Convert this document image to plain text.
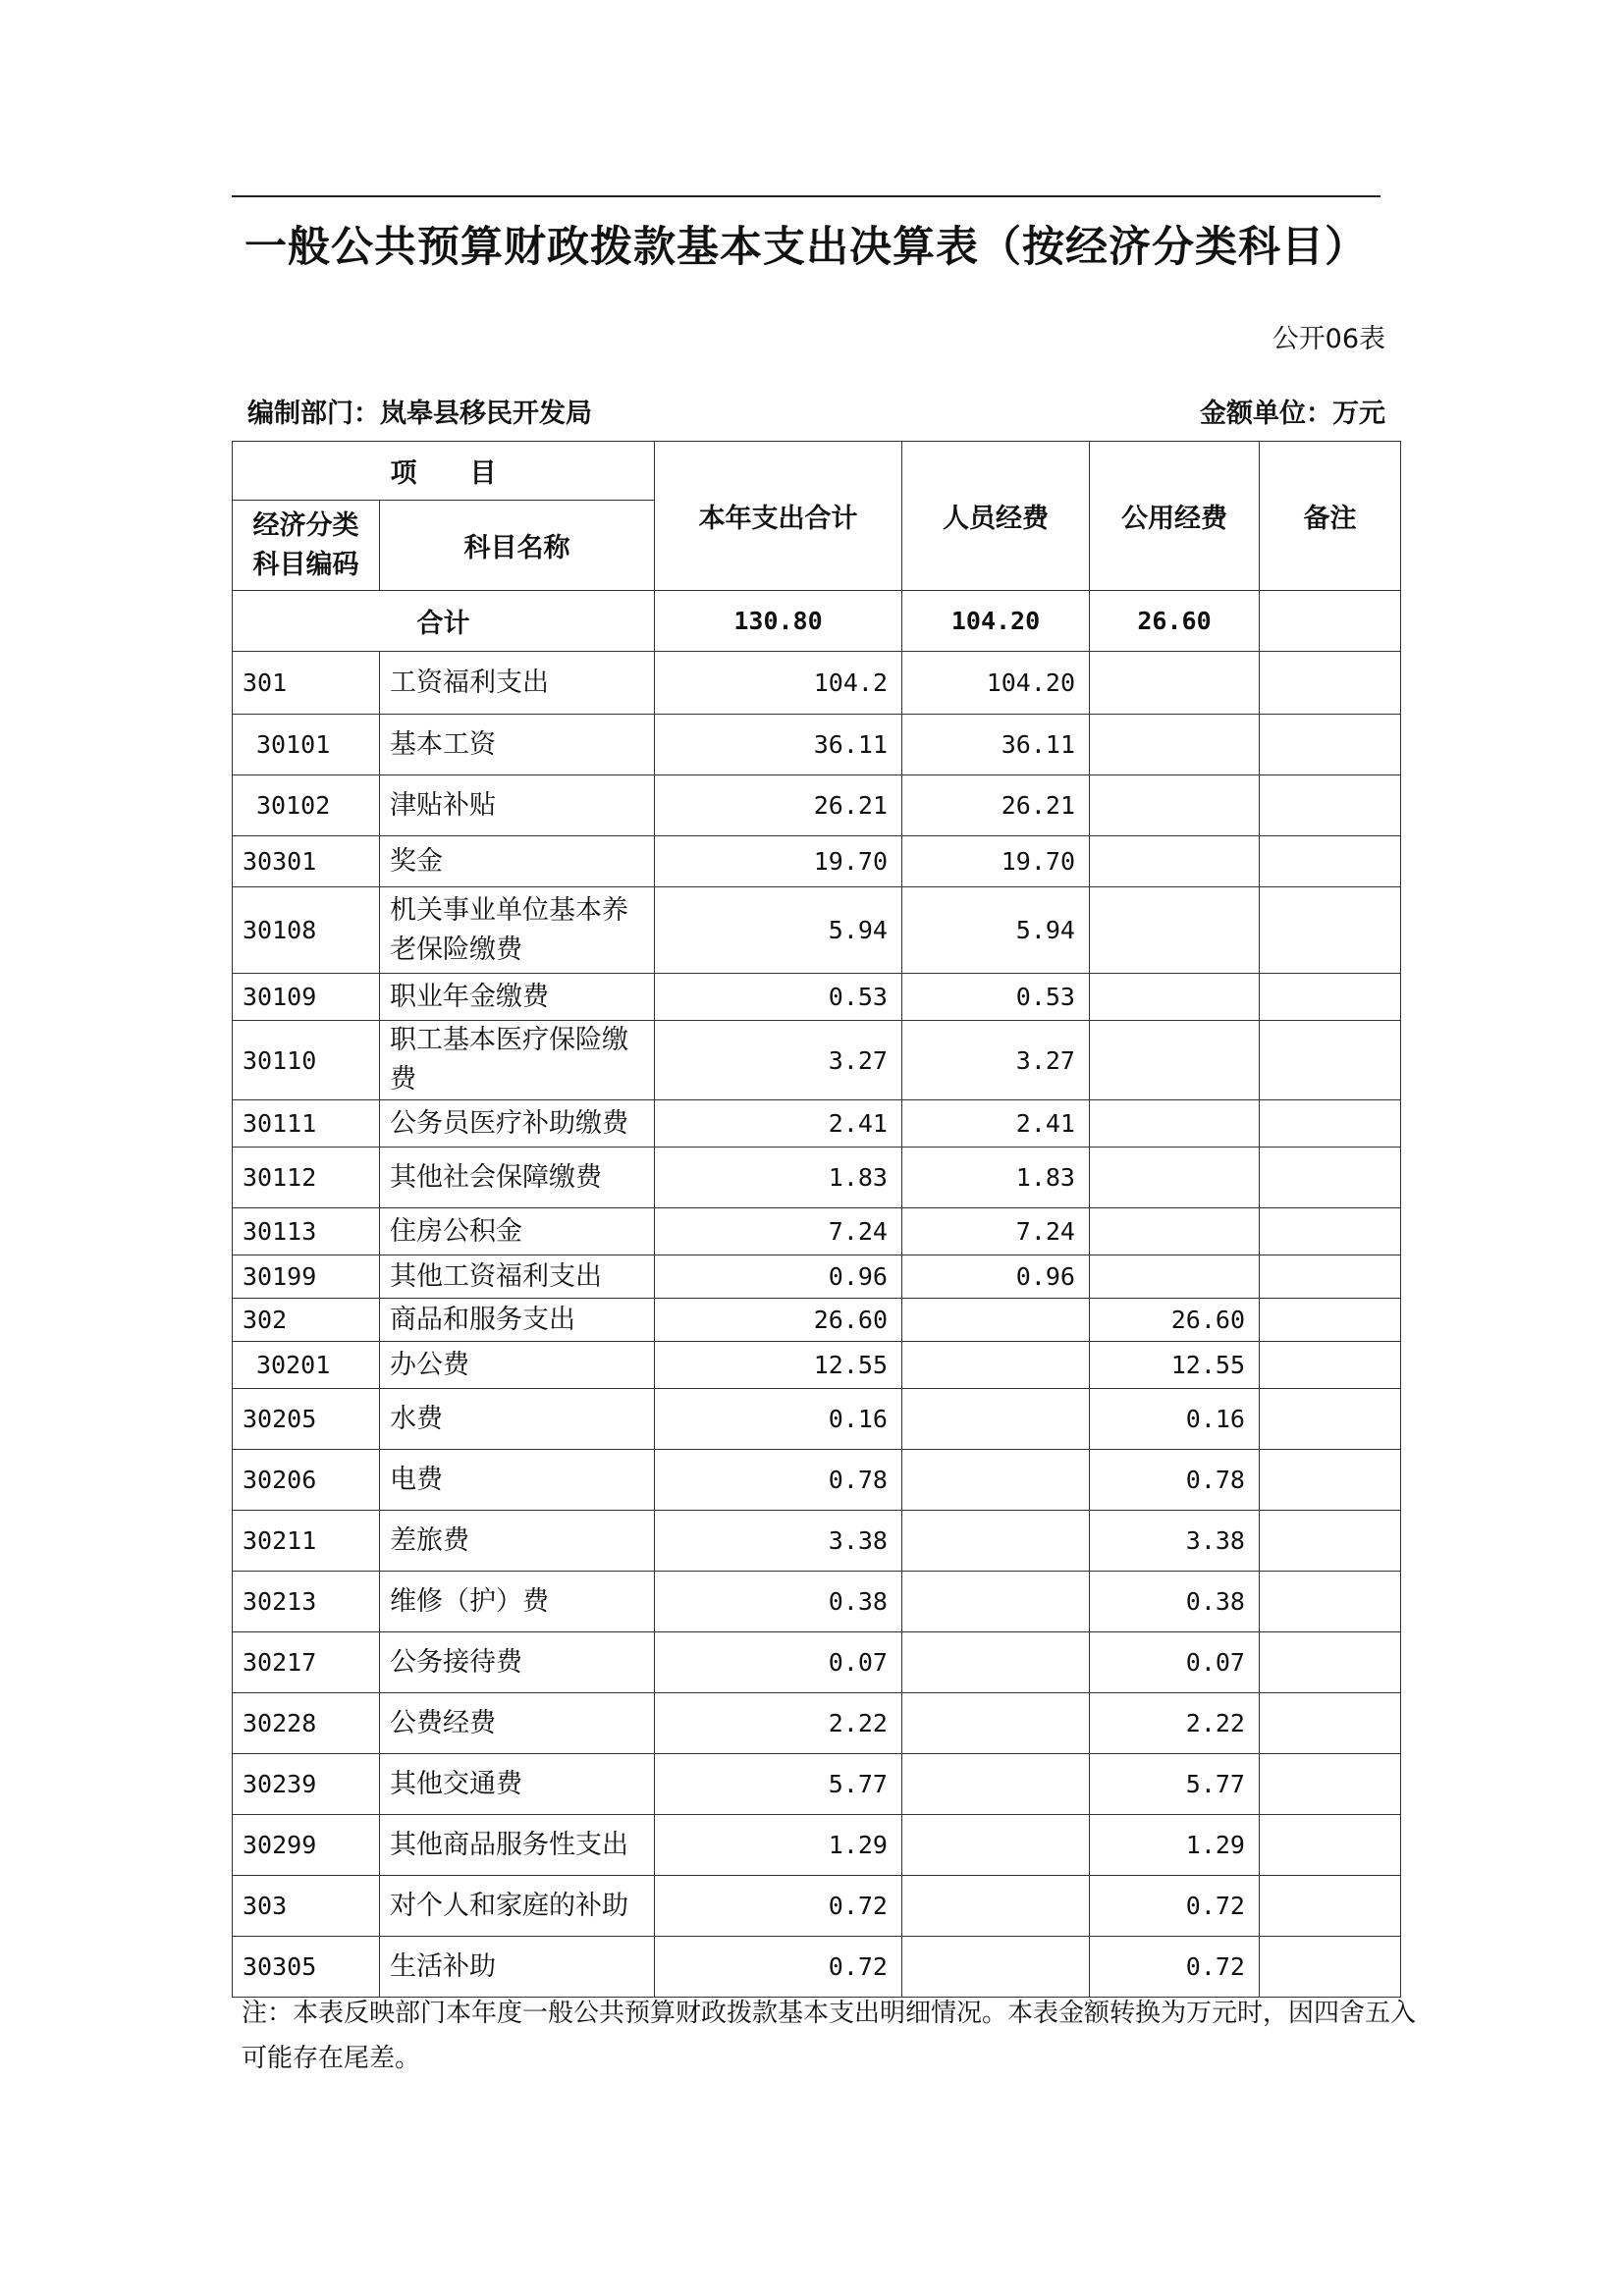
一般公共预算财政拨款基本支出决算表（按经济分类科目）
公开06表
编制部门：岚皋县移民开发局	金额单位：万元
项　　目		本年支出合计	人员经费	公用经费	备注
经济分类科目编码	科目名称				
合计		130.80	104.20	26.60	
301	工资福利支出	104.2	104.20		
30101	基本工资	36.11	36.11		
30102	津贴补贴	26.21	26.21		
30301	奖金	19.70	19.70		
30108	机关事业单位基本养老保险缴费	5.94	5.94		
30109	职业年金缴费	0.53	0.53		
30110	职工基本医疗保险缴费	3.27	3.27		
30111	公务员医疗补助缴费	2.41	2.41		
30112	其他社会保障缴费	1.83	1.83		
30113	住房公积金	7.24	7.24		
30199	其他工资福利支出	0.96	0.96		
302	商品和服务支出	26.60		26.60	
30201	办公费	12.55		12.55	
30205	水费	0.16		0.16	
30206	电费	0.78		0.78	
30211	差旅费	3.38		3.38	
30213	维修（护）费	0.38		0.38	
30217	公务接待费	0.07		0.07	
30228	公费经费	2.22		2.22	
30239	其他交通费	5.77		5.77	
30299	其他商品服务性支出	1.29		1.29	
303	对个人和家庭的补助	0.72		0.72	
30305	生活补助	0.72		0.72	
注：本表反映部门本年度一般公共预算财政拨款基本支出明细情况。本表金额转换为万元时，因四舍五入可能存在尾差。
